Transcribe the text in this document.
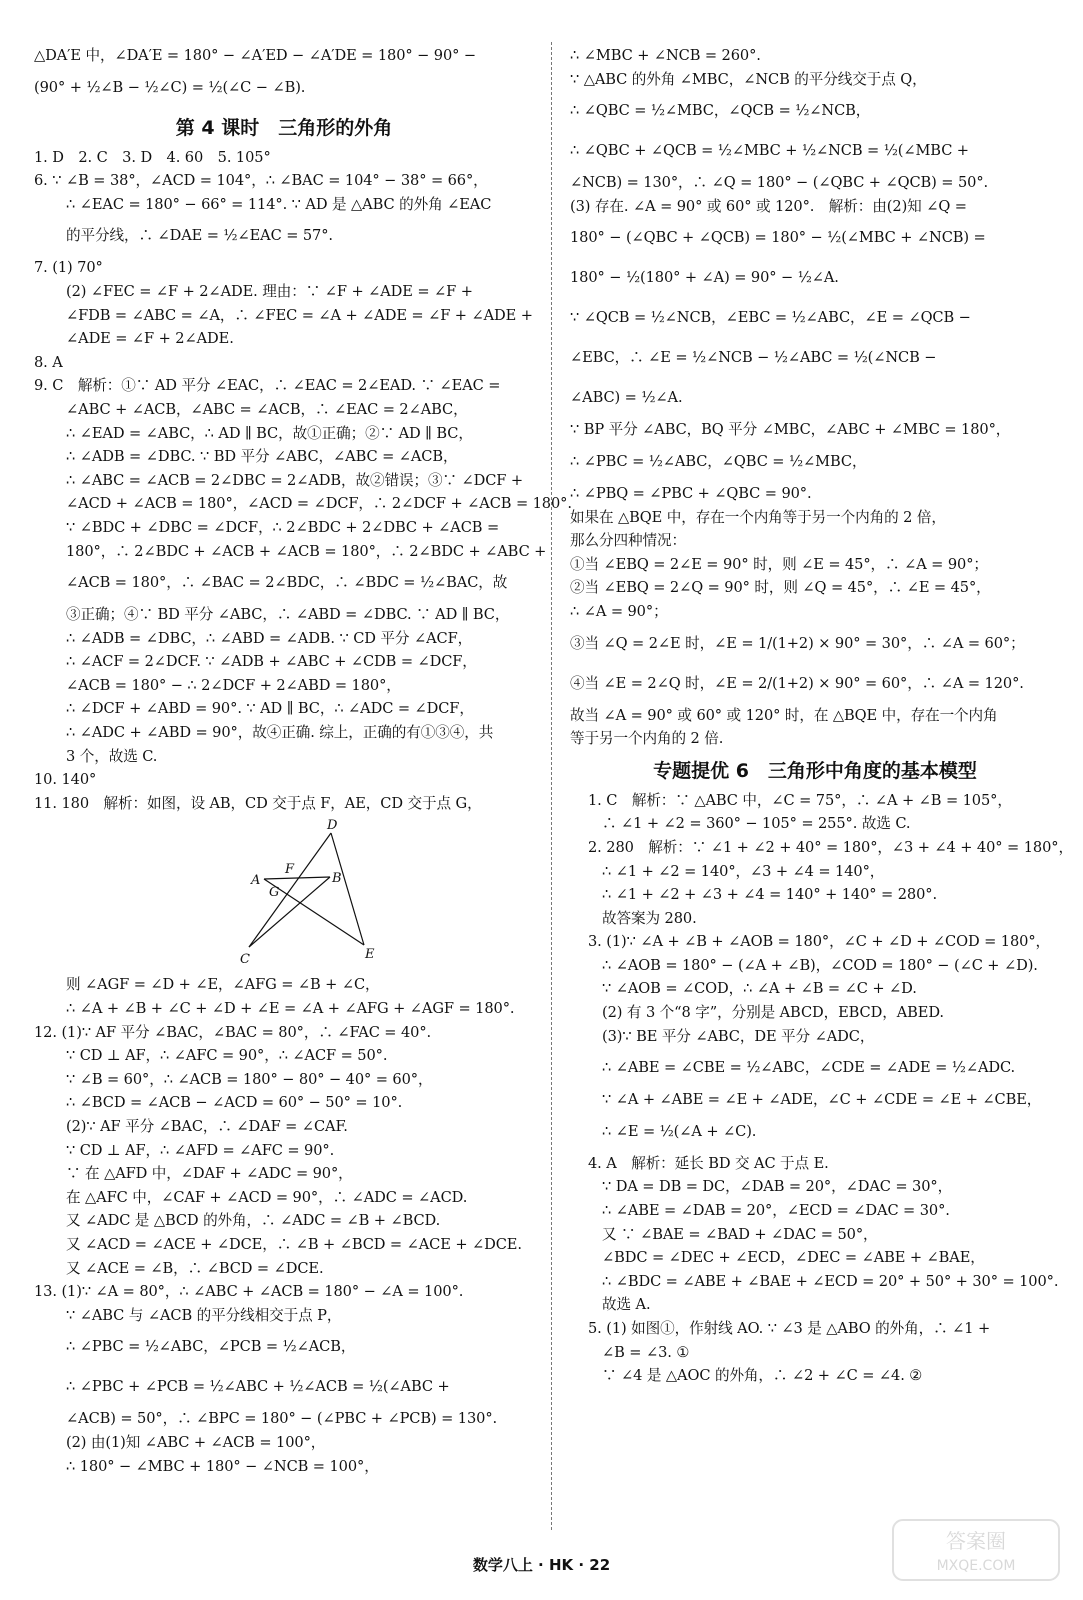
△DA′E 中，∠DA′E = 180° − ∠A′ED − ∠A′DE = 180° − 90° −
(90° + ½∠B − ½∠C) = ½(∠C − ∠B).
第 4 课时　三角形的外角
1. D　2. C　3. D　4. 60　5. 105°
6. ∵ ∠B = 38°，∠ACD = 104°，∴ ∠BAC = 104° − 38° = 66°，
∴ ∠EAC = 180° − 66° = 114°. ∵ AD 是 △ABC 的外角 ∠EAC
的平分线，∴ ∠DAE = ½∠EAC = 57°.
7. (1) 70°
(2) ∠FEC = ∠F + 2∠ADE. 理由：∵ ∠F + ∠ADE = ∠F +
∠FDB = ∠ABC = ∠A，∴ ∠FEC = ∠A + ∠ADE = ∠F + ∠ADE +
∠ADE = ∠F + 2∠ADE.
8. A
9. C　解析：①∵ AD 平分 ∠EAC，∴ ∠EAC = 2∠EAD. ∵ ∠EAC =
∠ABC + ∠ACB，∠ABC = ∠ACB，∴ ∠EAC = 2∠ABC，
∴ ∠EAD = ∠ABC，∴ AD ∥ BC，故①正确；②∵ AD ∥ BC，
∴ ∠ADB = ∠DBC. ∵ BD 平分 ∠ABC，∠ABC = ∠ACB，
∴ ∠ABC = ∠ACB = 2∠DBC = 2∠ADB，故②错误；③∵ ∠DCF +
∠ACD + ∠ACB = 180°，∠ACD = ∠DCF，∴ 2∠DCF + ∠ACB = 180°.
∵ ∠BDC + ∠DBC = ∠DCF，∴ 2∠BDC + 2∠DBC + ∠ACB =
180°，∴ 2∠BDC + ∠ACB + ∠ACB = 180°，∴ 2∠BDC + ∠ABC +
∠ACB = 180°，∴ ∠BAC = 2∠BDC，∴ ∠BDC = ½∠BAC，故
③正确；④∵ BD 平分 ∠ABC，∴ ∠ABD = ∠DBC. ∵ AD ∥ BC，
∴ ∠ADB = ∠DBC，∴ ∠ABD = ∠ADB. ∵ CD 平分 ∠ACF，
∴ ∠ACF = 2∠DCF. ∵ ∠ADB + ∠ABC + ∠CDB = ∠DCF，
∠ACB = 180° − ∴ 2∠DCF + 2∠ABD = 180°，
∴ ∠DCF + ∠ABD = 90°. ∵ AD ∥ BC，∴ ∠ADC = ∠DCF，
∴ ∠ADC + ∠ABD = 90°，故④正确. 综上，正确的有①③④，共
3 个，故选 C.
10. 140°
11. 180　解析：如图，设 AB，CD 交于点 F，AE，CD 交于点 G，
D
F
A
G
B
C	E
则 ∠AGF = ∠D + ∠E，∠AFG = ∠B + ∠C，
∴ ∠A + ∠B + ∠C + ∠D + ∠E = ∠A + ∠AFG + ∠AGF = 180°.
12. (1)∵ AF 平分 ∠BAC，∠BAC = 80°，∴ ∠FAC = 40°.
∵ CD ⊥ AF，∴ ∠AFC = 90°，∴ ∠ACF = 50°.
∵ ∠B = 60°，∴ ∠ACB = 180° − 80° − 40° = 60°，
∴ ∠BCD = ∠ACB − ∠ACD = 60° − 50° = 10°.
(2)∵ AF 平分 ∠BAC，∴ ∠DAF = ∠CAF.
∵ CD ⊥ AF，∴ ∠AFD = ∠AFC = 90°.
∵ 在 △AFD 中，∠DAF + ∠ADC = 90°，
在 △AFC 中，∠CAF + ∠ACD = 90°，∴ ∠ADC = ∠ACD.
又 ∠ADC 是 △BCD 的外角，∴ ∠ADC = ∠B + ∠BCD.
又 ∠ACD = ∠ACE + ∠DCE，∴ ∠B + ∠BCD = ∠ACE + ∠DCE.
又 ∠ACE = ∠B，∴ ∠BCD = ∠DCE.
13. (1)∵ ∠A = 80°，∴ ∠ABC + ∠ACB = 180° − ∠A = 100°.
∵ ∠ABC 与 ∠ACB 的平分线相交于点 P，
∴ ∠PBC = ½∠ABC，∠PCB = ½∠ACB，
∴ ∠PBC + ∠PCB = ½∠ABC + ½∠ACB = ½(∠ABC +
∠ACB) = 50°，∴ ∠BPC = 180° − (∠PBC + ∠PCB) = 130°.
(2) 由(1)知 ∠ABC + ∠ACB = 100°，
∴ 180° − ∠MBC + 180° − ∠NCB = 100°，
∴ ∠MBC + ∠NCB = 260°.
∵ △ABC 的外角 ∠MBC，∠NCB 的平分线交于点 Q，
∴ ∠QBC = ½∠MBC，∠QCB = ½∠NCB，
∴ ∠QBC + ∠QCB = ½∠MBC + ½∠NCB = ½(∠MBC +
∠NCB) = 130°，∴ ∠Q = 180° − (∠QBC + ∠QCB) = 50°.
(3) 存在. ∠A = 90° 或 60° 或 120°.　解析：由(2)知 ∠Q =
180° − (∠QBC + ∠QCB) = 180° − ½(∠MBC + ∠NCB) =
180° − ½(180° + ∠A) = 90° − ½∠A.
∵ ∠QCB = ½∠NCB，∠EBC = ½∠ABC，∠E = ∠QCB −
∠EBC，∴ ∠E = ½∠NCB − ½∠ABC = ½(∠NCB −
∠ABC) = ½∠A.
∵ BP 平分 ∠ABC，BQ 平分 ∠MBC，∠ABC + ∠MBC = 180°，
∴ ∠PBC = ½∠ABC，∠QBC = ½∠MBC，
∴ ∠PBQ = ∠PBC + ∠QBC = 90°.
如果在 △BQE 中，存在一个内角等于另一个内角的 2 倍，
那么分四种情况：
①当 ∠EBQ = 2∠E = 90° 时，则 ∠E = 45°，∴ ∠A = 90°；
②当 ∠EBQ = 2∠Q = 90° 时，则 ∠Q = 45°，∴ ∠E = 45°，
∴ ∠A = 90°；
③当 ∠Q = 2∠E 时，∠E = 1/(1+2) × 90° = 30°，∴ ∠A = 60°；
④当 ∠E = 2∠Q 时，∠E = 2/(1+2) × 90° = 60°，∴ ∠A = 120°.
故当 ∠A = 90° 或 60° 或 120° 时，在 △BQE 中，存在一个内角
等于另一个内角的 2 倍.
专题提优 6　三角形中角度的基本模型
1. C　解析：∵ △ABC 中，∠C = 75°，∴ ∠A + ∠B = 105°，
∴ ∠1 + ∠2 = 360° − 105° = 255°. 故选 C.
2. 280　解析：∵ ∠1 + ∠2 + 40° = 180°，∠3 + ∠4 + 40° = 180°，
∴ ∠1 + ∠2 = 140°，∠3 + ∠4 = 140°，
∴ ∠1 + ∠2 + ∠3 + ∠4 = 140° + 140° = 280°.
故答案为 280.
3. (1)∵ ∠A + ∠B + ∠AOB = 180°，∠C + ∠D + ∠COD = 180°，
∴ ∠AOB = 180° − (∠A + ∠B)，∠COD = 180° − (∠C + ∠D).
∵ ∠AOB = ∠COD，∴ ∠A + ∠B = ∠C + ∠D.
(2) 有 3 个“8 字”，分别是 ABCD，EBCD，ABED.
(3)∵ BE 平分 ∠ABC，DE 平分 ∠ADC，
∴ ∠ABE = ∠CBE = ½∠ABC，∠CDE = ∠ADE = ½∠ADC.
∵ ∠A + ∠ABE = ∠E + ∠ADE，∠C + ∠CDE = ∠E + ∠CBE，
∴ ∠E = ½(∠A + ∠C).
4. A　解析：延长 BD 交 AC 于点 E.
∵ DA = DB = DC，∠DAB = 20°，∠DAC = 30°，
∴ ∠ABE = ∠DAB = 20°，∠ECD = ∠DAC = 30°.
又 ∵ ∠BAE = ∠BAD + ∠DAC = 50°，
∠BDC = ∠DEC + ∠ECD，∠DEC = ∠ABE + ∠BAE，
∴ ∠BDC = ∠ABE + ∠BAE + ∠ECD = 20° + 50° + 30° = 100°.
故选 A.
5. (1) 如图①，作射线 AO. ∵ ∠3 是 △ABO 的外角，∴ ∠1 +
∠B = ∠3. ①
∵ ∠4 是 △AOC 的外角，∴ ∠2 + ∠C = ∠4. ②
数学八上 · HK · 22
答案圈
MXQE.COM
